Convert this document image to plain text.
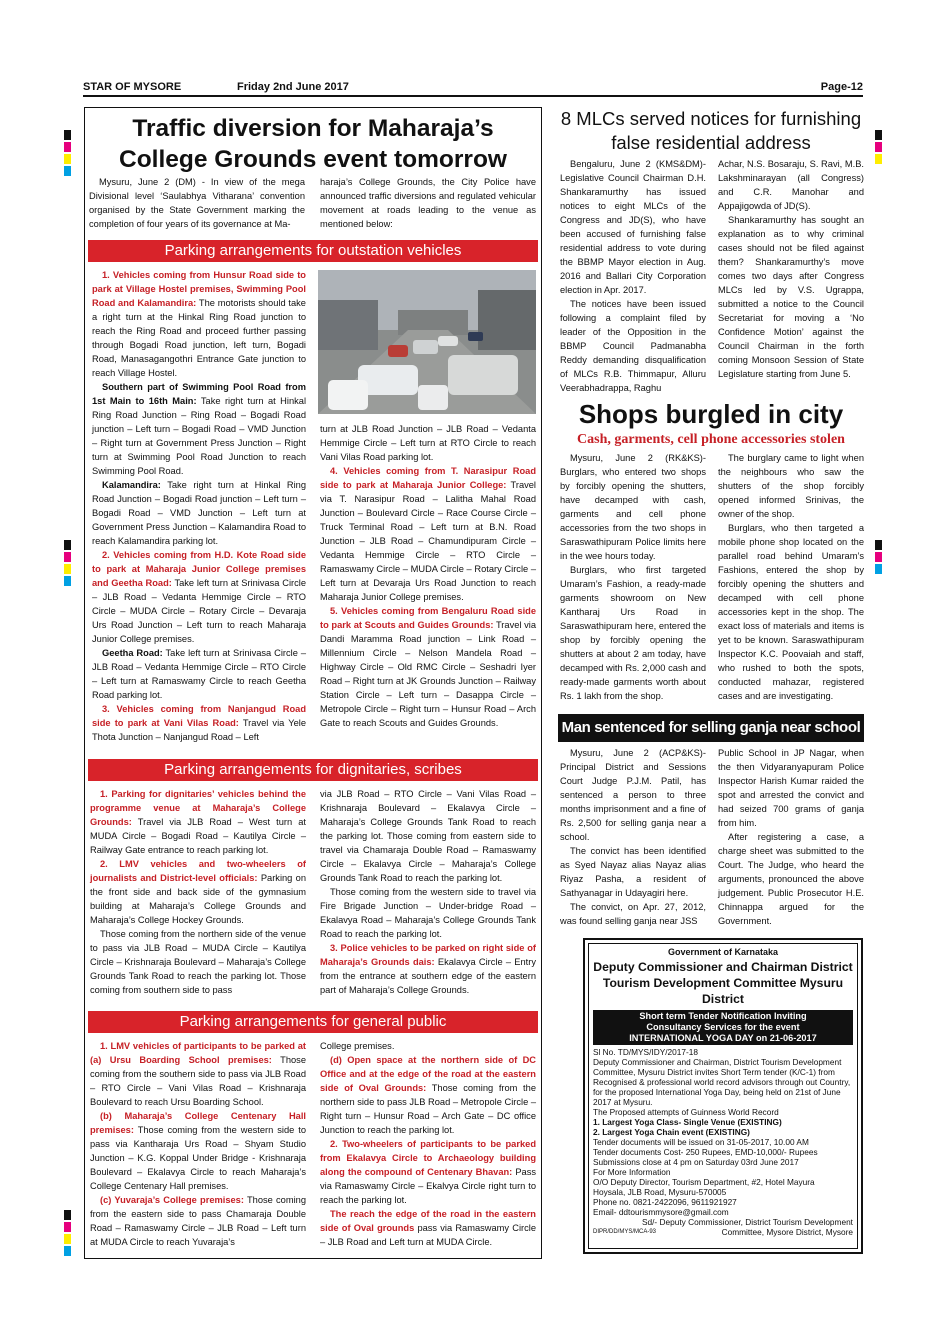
STAR OF MYSORE	Friday 2nd June 2017	Page-12
Traffic diversion for Maharaja’s College Grounds event tomorrow

Mysuru, June 2 (DM) - In view of the mega Divisional level ‘Saulabhya Vitharana’ convention organised by the State Government marking the completion of four years of its governance at Ma-

haraja’s College Grounds, the City Police have announced traffic diversions and regulated vehicular movement at roads leading to the venue as mentioned below:

Parking arrangements for outstation vehicles

1. Vehicles coming from Hunsur Road side to park at Village Hostel premises, Swimming Pool Road and Kalamandira: The motorists should take a right turn at the Hinkal Ring Road junction to reach the Ring Road and proceed further passing through Bogadi Road junction, left turn, Bogadi Road, Manasagangothri Entrance Gate junction to reach Village Hostel.

Southern part of Swimming Pool Road from 1st Main to 16th Main: Take right turn at Hinkal Ring Road Junction – Ring Road – Bogadi Road junction – Left turn – Bogadi Road – VMD Junction – Right turn at Government Press Junction – Right turn at Swimming Pool Road Junction to reach Swimming Pool Road.

Kalamandira: Take right turn at Hinkal Ring Road Junction – Bogadi Road junction – Left turn – Bogadi Road – VMD Junction – Left turn at Government Press Junction – Kalamandira Road to reach Kalamandira parking lot.

2. Vehicles coming from H.D. Kote Road side to park at Maharaja Junior College premises and Geetha Road: Take left turn at Srinivasa Circle – JLB Road – Vedanta Hemmige Circle – RTO Circle – MUDA Circle – Rotary Circle – Devaraja Urs Road Junction – Left turn to reach Maharaja Junior College premises.

Geetha Road: Take left turn at Srinivasa Circle – JLB Road – Vedanta Hemmige Circle – RTO Circle – Left turn at Ramaswamy Circle to reach Geetha Road parking lot.

3. Vehicles coming from Nanjangud Road side to park at Vani Vilas Road: Travel via Yele Thota Junction – Nanjangud Road – Left

turn at JLB Road Junction – JLB Road – Vedanta Hemmige Circle – Left turn at RTO Circle to reach Vani Vilas Road parking lot.

4. Vehicles coming from T. Narasipur Road side to park at Maharaja Junior College: Travel via T. Narasipur Road – Lalitha Mahal Road Junction – Boulevard Circle – Race Course Circle – Truck Terminal Road – Left turn at B.N. Road Junction – JLB Road – Chamundipuram Circle – Vedanta Hemmige Circle – RTO Circle – Ramaswamy Circle – MUDA Circle – Rotary Circle – Left turn at Devaraja Urs Road Junction to reach Maharaja Junior College premises.

5. Vehicles coming from Bengaluru Road side to park at Scouts and Guides Grounds: Travel via Dandi Maramma Road junction – Link Road – Millennium Circle – Nelson Mandela Road – Highway Circle – Old RMC Circle – Seshadri Iyer Road – Right turn at JK Grounds Junction – Railway Station Circle – Left turn – Dasappa Circle – Metropole Circle – Right turn – Hunsur Road – Arch Gate to reach Scouts and Guides Grounds.

Parking arrangements for dignitaries, scribes

1. Parking for dignitaries’ vehicles behind the programme venue at Maharaja’s College Grounds: Travel via JLB Road – West turn at MUDA Circle – Bogadi Road – Kautilya Circle – Railway Gate entrance to reach parking lot.

2. LMV vehicles and two-wheelers of journalists and District-level officials: Parking on the front side and back side of the gymnasium building at Maharaja’s College Grounds and Maharaja’s College Hockey Grounds.

Those coming from the northern side of the venue to pass via JLB Road – MUDA Circle – Kautilya Circle – Krishnaraja Boulevard – Maharaja’s College Grounds Tank Road to reach the parking lot. Those coming from southern side to pass

via JLB Road – RTO Circle – Vani Vilas Road – Krishnaraja Boulevard – Ekalavya Circle – Maharaja’s College Grounds Tank Road to reach the parking lot. Those coming from eastern side to travel via Chamaraja Double Road – Ramaswamy Circle – Ekalavya Circle – Maharaja’s College Grounds Tank Road to reach the parking lot.

Those coming from the western side to travel via Fire Brigade Junction – Under-bridge Road – Ekalavya Road – Maharaja’s College Grounds Tank Road to reach the parking lot.

3. Police vehicles to be parked on right side of Maharaja’s Grounds dais: Ekalavya Circle – Entry from the entrance at southern edge of the eastern part of Maharaja’s College Grounds.

Parking arrangements for general public

1. LMV vehicles of participants to be parked at (a) Ursu Boarding School premises: Those coming from the southern side to pass via JLB Road – RTO Circle – Vani Vilas Road – Krishnaraja Boulevard to reach Ursu Boarding School.

(b) Maharaja’s College Centenary Hall premises: Those coming from the western side to pass via Kantharaja Urs Road – Shyam Studio Junction – K.G. Koppal Under Bridge - Krishnaraja Boulevard – Ekalavya Circle to reach Maharaja’s College Centenary Hall premises.

(c) Yuvaraja’s College premises: Those coming from the eastern side to pass Chamaraja Double Road – Ramaswamy Circle – JLB Road – Left turn at MUDA Circle to reach Yuvaraja’s

College premises.

(d) Open space at the northern side of DC Office and at the edge of the road at the eastern side of Oval Grounds: Those coming from the northern side to pass JLB Road – Metropole Circle – Right turn – Hunsur Road – Arch Gate – DC office Junction to reach the parking lot.

2. Two-wheelers of participants to be parked from Ekalavya Circle to Archaeology building along the compound of Centenary Bhavan: Pass via Ramaswamy Circle – Ekalvya Circle right turn to reach the parking lot.

The reach the edge of the road in the eastern side of Oval grounds pass via Ramaswamy Circle – JLB Road and Left turn at MUDA Circle.

8 MLCs served notices for furnishing false residential address

Bengaluru, June 2 (KMS&DM)- Legislative Council Chairman D.H. Shankaramurthy has issued notices to eight MLCs of the Congress and JD(S), who have been accused of furnishing false residential address to vote during the BBMP Mayor election in Aug. 2016 and Ballari City Corporation election in Apr. 2017.

The notices have been issued following a complaint filed by leader of the Opposition in the BBMP Council Padmanabha Reddy demanding disqualification of MLCs R.B. Thimmapur, Alluru Veerabhadrappa, Raghu

Achar, N.S. Bosaraju, S. Ravi, M.B. Lakshminarayan (all Congress) and C.R. Manohar and Appajigowda of JD(S).

Shankaramurthy has sought an explanation as to why criminal cases should not be filed against them? Shankaramurthy’s move comes two days after Congress MLCs led by V.S. Ugrappa, submitted a notice to the Council Secretariat for moving a ‘No Confidence Motion’ against the Council Chairman in the forth coming Monsoon Session of State Legislature starting from June 5.

Shops burgled in city
Cash, garments, cell phone accessories stolen

Mysuru, June 2 (RK&KS)- Burglars, who entered two shops by forcibly opening the shutters, have decamped with cash, garments and cell phone accessories from the two shops in Saraswathipuram Police limits here in the wee hours today.

Burglars, who first targeted Umaram’s Fashion, a ready-made garments showroom on New Kantharaj Urs Road in Saraswathipuram here, entered the shop by forcibly opening the shutters at about 2 am today, have decamped with Rs. 2,000 cash and ready-made garments worth about Rs. 1 lakh from the shop.

The burglary came to light when the neighbours who saw the shutters of the shop forcibly opened informed Srinivas, the owner of the shop.

Burglars, who then targeted a mobile phone shop located on the parallel road behind Umaram’s Fashions, entered the shop by forcibly opening the shutters and decamped with cell phone accessories kept in the shop. The exact loss of materials and items is yet to be known. Saraswathipuram Inspector K.C. Poovaiah and staff, who rushed to both the spots, conducted mahazar, registered cases and are investigating.

Man sentenced for selling ganja near school

Mysuru, June 2 (ACP&KS)- Principal District and Sessions Court Judge P.J.M. Patil, has sentenced a person to three months imprisonment and a fine of Rs. 2,500 for selling ganja near a school.

The convict has been identified as Syed Nayaz alias Nayaz alias Riyaz Pasha, a resident of Sathyanagar in Udayagiri here.

The convict, on Apr. 27, 2012, was found selling ganja near JSS

Public School in JP Nagar, when the then Vidyaranyapuram Police Inspector Harish Kumar raided the spot and arrested the convict and had seized 700 grams of ganja from him.

After registering a case, a charge sheet was submitted to the Court. The Judge, who heard the arguments, pronounced the above judgement. Public Prosecutor H.E. Chinnappa argued for the Government.

Government of Karnataka
Deputy Commissioner and Chairman District Tourism Development Committee Mysuru District
Short term Tender Notification Inviting
Consultancy Services for the event
INTERNATIONAL YOGA DAY on 21-06-2017
Sl No. TD/MYS/IDY/2017-18
Deputy Commissioner and Chairman, District Tourism Development Committee, Mysuru District invites Short Term tender (K/C-1) from Recognised & professional world record advisors through out Country, for the proposed International Yoga Day, being held on 21st of June 2017 at Mysuru.
The Proposed attempts of Guinness World Record
1. Largest Yoga Class- Single Venue (EXISTING)
2. Largest Yoga Chain event (EXISTING)
Tender documents will be issued on 31-05-2017, 10.00 AM
Tender documents Cost- 250 Rupees, EMD-10,000/- Rupees
Submissions close at 4 pm on Saturday 03rd June 2017
For More Information
O/O Deputy Director, Tourism Department, #2, Hotel Mayura
Hoysala, JLB Road, Mysuru-570005
Phone no. 0821-2422096, 9611921927
Email- ddtourismmysore@gmail.com
Sd/- Deputy Commissioner, District Tourism Development
DIPR/DD/MYS/MCA-93	Committee, Mysore District, Mysore
